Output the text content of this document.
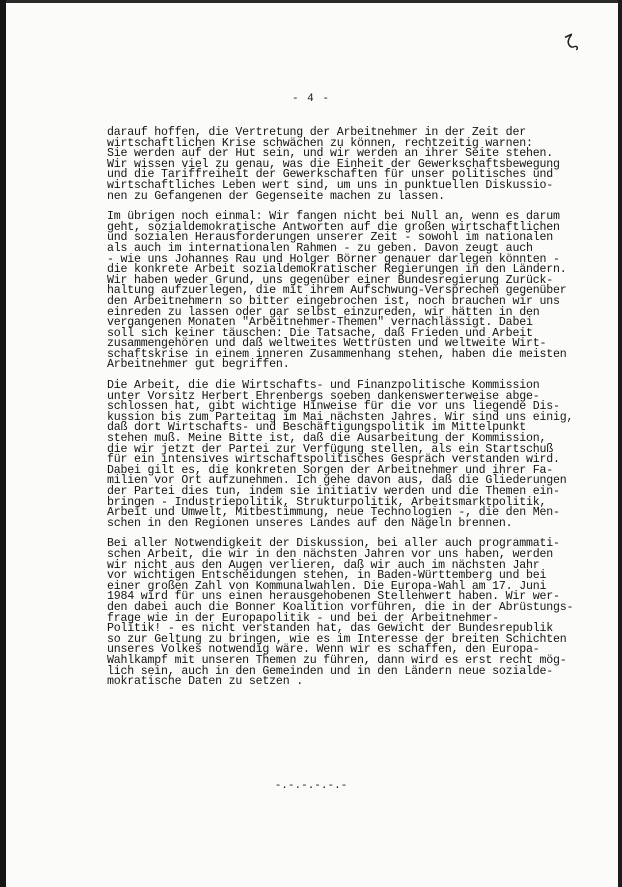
ζ
- 4 -
darauf hoffen, die Vertretung der Arbeitnehmer in der Zeit der
wirtschaftlichen Krise schwächen zu können, rechtzeitig warnen:
Sie werden auf der Hut sein, und wir werden an ihrer Seite stehen.
Wir wissen viel zu genau, was die Einheit der Gewerkschaftsbewegung
und die Tariffreiheit der Gewerkschaften für unser politisches und
wirtschaftliches Leben wert sind, um uns in punktuellen Diskussio-
nen zu Gefangenen der Gegenseite machen zu lassen.
Im übrigen noch einmal: Wir fangen nicht bei Null an, wenn es darum
geht, sozialdemokratische Antworten auf die großen wirtschaftlichen
und sozialen Herausforderungen unserer Zeit - sowohl im nationalen
als auch im internationalen Rahmen - zu geben. Davon zeugt auch
- wie uns Johannes Rau und Holger Börner genauer darlegen könnten -
die konkrete Arbeit sozialdemokratischer Regierungen in den Ländern.
Wir haben weder Grund, uns gegenüber einer Bundesregierung Zurück-
haltung aufzuerlegen, die mit ihrem Aufschwung-Versprechen gegenüber
den Arbeitnehmern so bitter eingebrochen ist, noch brauchen wir uns
einreden zu lassen oder gar selbst einzureden, wir hätten in den
vergangenen Monaten "Arbeitnehmer-Themen" vernachlässigt. Dabei
soll sich keiner täuschen: Die Tatsache, daß Frieden und Arbeit
zusammengehören und daß weltweites Wettrüsten und weltweite Wirt-
schaftskrise in einem inneren Zusammenhang stehen, haben die meisten
Arbeitnehmer gut begriffen.
Die Arbeit, die die Wirtschafts- und Finanzpolitische Kommission
unter Vorsitz Herbert Ehrenbergs soeben dankenswerterweise abge-
schlossen hat, gibt wichtige Hinweise für die vor uns liegende Dis-
kussion bis zum Parteitag im Mai nächsten Jahres. Wir sind uns einig,
daß dort Wirtschafts- und Beschäftigungspolitik im Mittelpunkt
stehen muß. Meine Bitte ist, daß die Ausarbeitung der Kommission,
die wir jetzt der Partei zur Verfügung stellen, als ein Startschuß
für ein intensives wirtschaftspolitisches Gespräch verstanden wird.
Dabei gilt es, die konkreten Sorgen der Arbeitnehmer und ihrer Fa-
milien vor Ort aufzunehmen. Ich gehe davon aus, daß die Gliederungen
der Partei dies tun, indem sie initiativ werden und die Themen ein-
bringen - Industriepolitik, Strukturpolitik, Arbeitsmarktpolitik,
Arbeit und Umwelt, Mitbestimmung, neue Technologien -, die den Men-
schen in den Regionen unseres Landes auf den Nägeln brennen.
Bei aller Notwendigkeit der Diskussion, bei aller auch programmati-
schen Arbeit, die wir in den nächsten Jahren vor uns haben, werden
wir nicht aus den Augen verlieren, daß wir auch im nächsten Jahr
vor wichtigen Entscheidungen stehen, in Baden-Württemberg und bei
einer großen Zahl von Kommunalwahlen. Die Europa-Wahl am 17. Juni
1984 wird für uns einen herausgehobenen Stellenwert haben. Wir wer-
den dabei auch die Bonner Koalition vorführen, die in der Abrüstungs-
frage wie in der Europapolitik - und bei der Arbeitnehmer-
Politik! - es nicht verstanden hat, das Gewicht der Bundesrepublik
so zur Geltung zu bringen, wie es im Interesse der breiten Schichten
unseres Volkes notwendig wäre. Wenn wir es schaffen, den Europa-
Wahlkampf mit unseren Themen zu führen, dann wird es erst recht mög-
lich sein, auch in den Gemeinden und in den Ländern neue sozialde-
mokratische Daten zu setzen .
-.-.-.-.-.-
